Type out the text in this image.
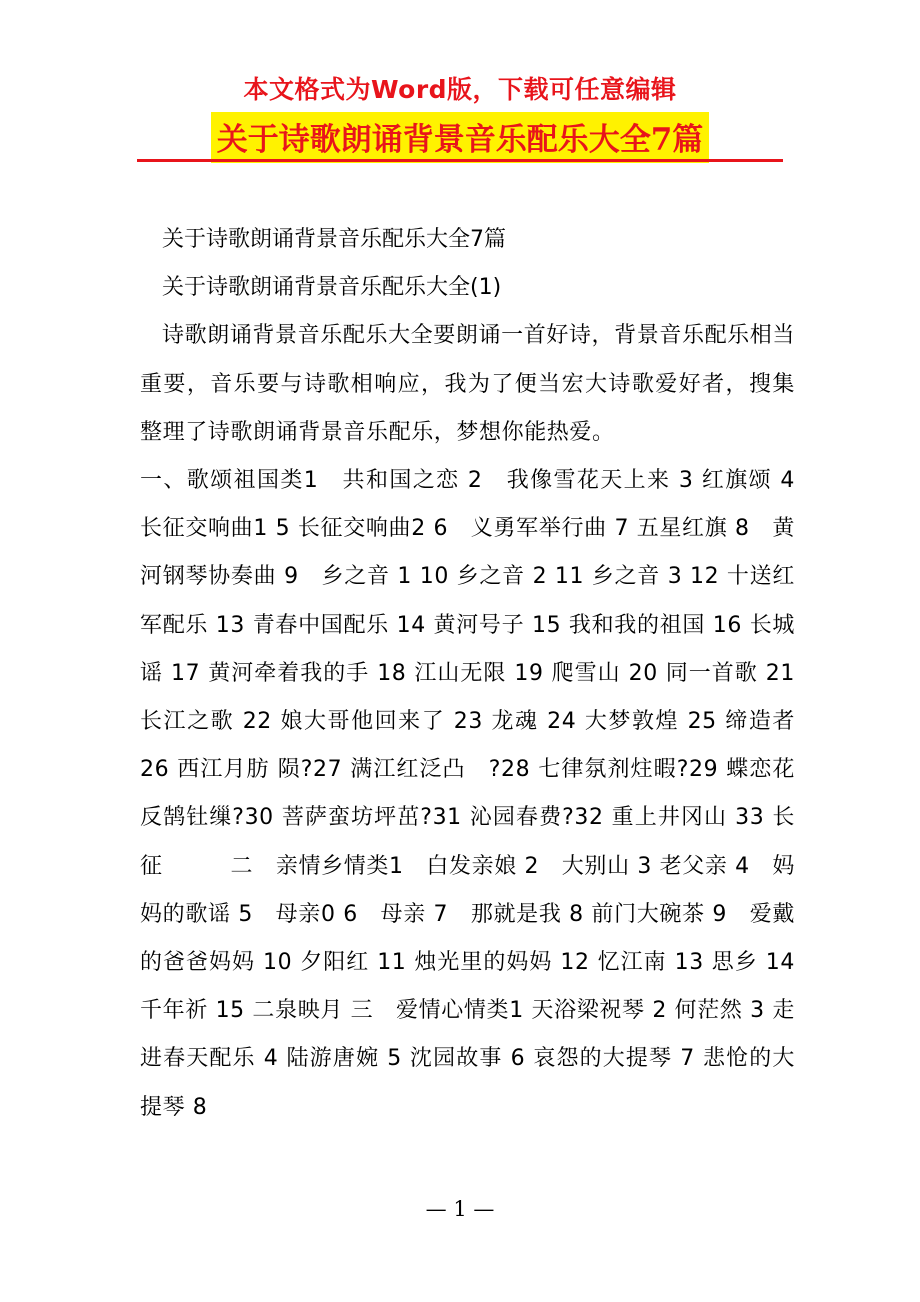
本文格式为Word版，下载可任意编辑
关于诗歌朗诵背景音乐配乐大全7篇

关于诗歌朗诵背景音乐配乐大全7篇

关于诗歌朗诵背景音乐配乐大全(1)

诗歌朗诵背景音乐配乐大全要朗诵一首好诗，背景音乐配乐相当重要，音乐要与诗歌相响应，我为了便当宏大诗歌爱好者，搜集整理了诗歌朗诵背景音乐配乐，梦想你能热爱。

一、歌颂祖国类1　共和国之恋 2　我像雪花天上来 3 红旗颂 4　长征交响曲1 5 长征交响曲2 6　义勇军举行曲 7 五星红旗 8　黄河钢琴协奏曲 9　乡之音 1 10 乡之音 2 11 乡之音 3 12 十送红军配乐 13 青春中国配乐 14 黄河号子 15 我和我的祖国 16 长城谣 17 黄河牵着我的手 18 江山无限 19 爬雪山 20 同一首歌 21 长江之歌 22 娘大哥他回来了 23 龙魂 24 大梦敦煌 25 缔造者 26 西江月肪 陨?27 满江红泛凸　?28 七律氛剂炷暇?29 蝶恋花反鹄钍缫?30 菩萨蛮坊坪茁?31 沁园春费?32 重上井冈山 33 长征　　　二　亲情乡情类1　白发亲娘 2　大别山 3 老父亲 4　妈妈的歌谣 5　母亲0 6　母亲 7　那就是我 8 前门大碗茶 9　爱戴的爸爸妈妈 10 夕阳红 11 烛光里的妈妈 12 忆江南 13 思乡 14 千年祈 15 二泉映月 三　爱情心情类1 天浴梁祝琴 2 何茫然 3 走进春天配乐 4 陆游唐婉 5 沈园故事 6 哀怨的大提琴 7 悲怆的大提琴 8

— 1 —
